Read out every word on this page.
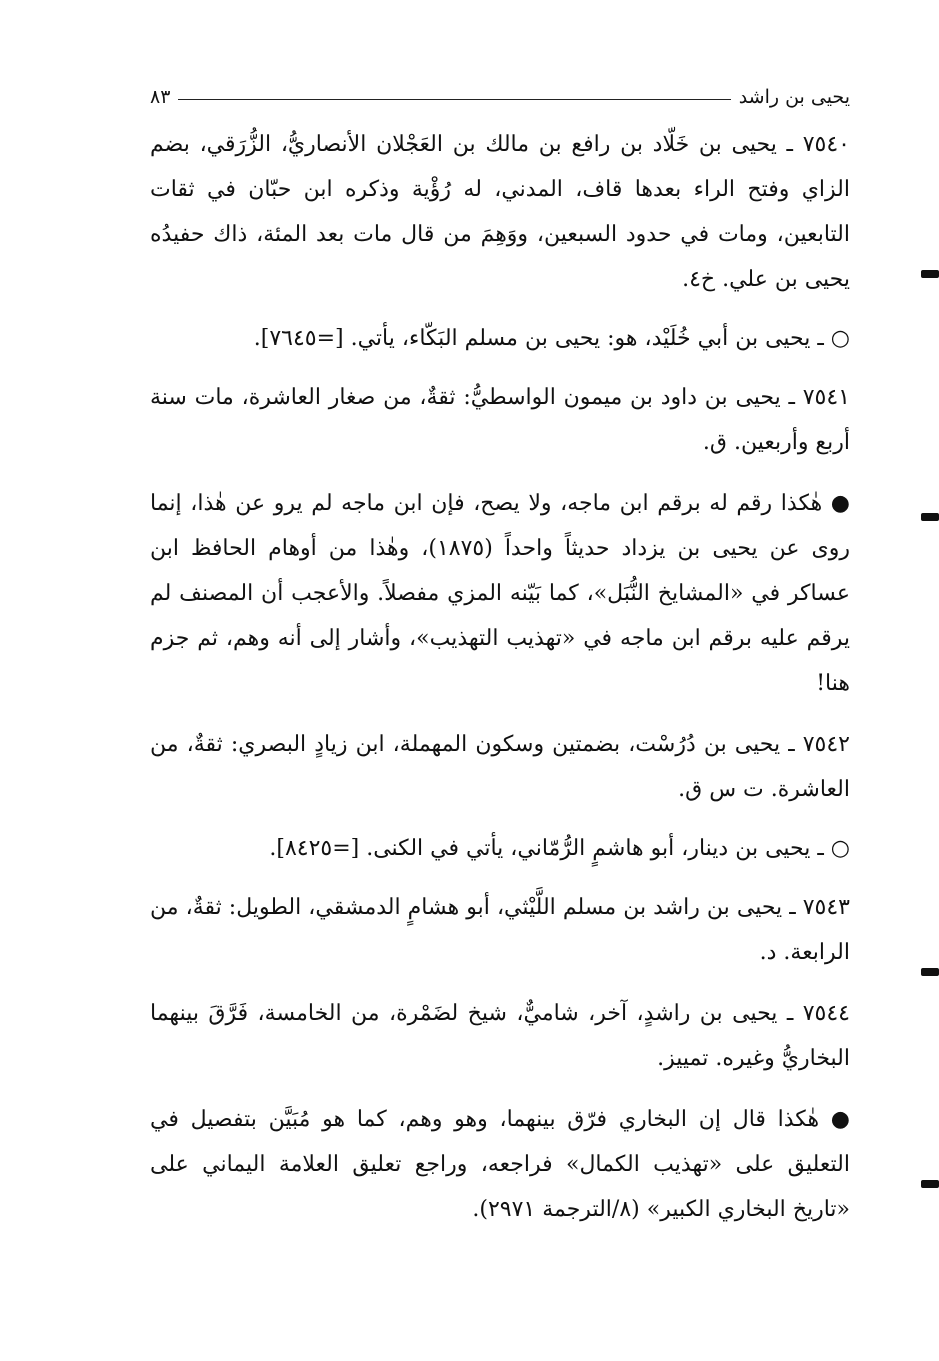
يحيى بن راشد
٨٣

٧٥٤٠ ـ يحيى بن خَلّاد بن رافع بن مالك بن العَجْلان الأنصاريُّ، الزُّرَقي، بضم الزاي وفتح الراء بعدها قاف، المدني، له رُؤْية وذكره ابن حبّان في ثقات التابعين، ومات في حدود السبعين، ووَهِمَ من قال مات بعد المئة، ذاك حفيدُه يحيى بن علي. خ٤.

○ ـ يحيى بن أبي خُلَيْد، هو: يحيى بن مسلم البَكّاء، يأتي. [=٧٦٤٥].

٧٥٤١ ـ يحيى بن داود بن ميمون الواسطيُّ: ثقةٌ، من صغار العاشرة، مات سنة أربع وأربعين. ق.

● هٰكذا رقم له برقم ابن ماجه، ولا يصح، فإن ابن ماجه لم يرو عن هٰذا، إنما روى عن يحيى بن يزداد حديثاً واحداً (١٨٧٥)، وهٰذا من أوهام الحافظ ابن عساكر في «المشايخ النُّبَل»، كما بَيّنه المزي مفصلاً. والأعجب أن المصنف لم يرقم عليه برقم ابن ماجه في «تهذيب التهذيب»، وأشار إلى أنه وهم، ثم جزم هنا!

٧٥٤٢ ـ يحيى بن دُرُسْت، بضمتين وسكون المهملة، ابن زيادٍ البصري: ثقةٌ، من العاشرة. ت س ق.

○ ـ يحيى بن دينار، أبو هاشمٍ الرُّمّاني، يأتي في الكنى. [=٨٤٢٥].

٧٥٤٣ ـ يحيى بن راشد بن مسلم اللَّيْثي، أبو هشامٍ الدمشقي، الطويل: ثقةٌ، من الرابعة. د.

٧٥٤٤ ـ يحيى بن راشدٍ، آخر، شاميٌّ، شيخ لضَمْرة، من الخامسة، فَرَّقَ بينهما البخاريُّ وغيره. تمييز.

● هٰكذا قال إن البخاري فرّق بينهما، وهو وهم، كما هو مُبَيَّن بتفصيل في التعليق على «تهذيب الكمال» فراجعه، وراجع تعليق العلامة اليماني على «تاريخ البخاري الكبير» (٨/الترجمة ٢٩٧١).
